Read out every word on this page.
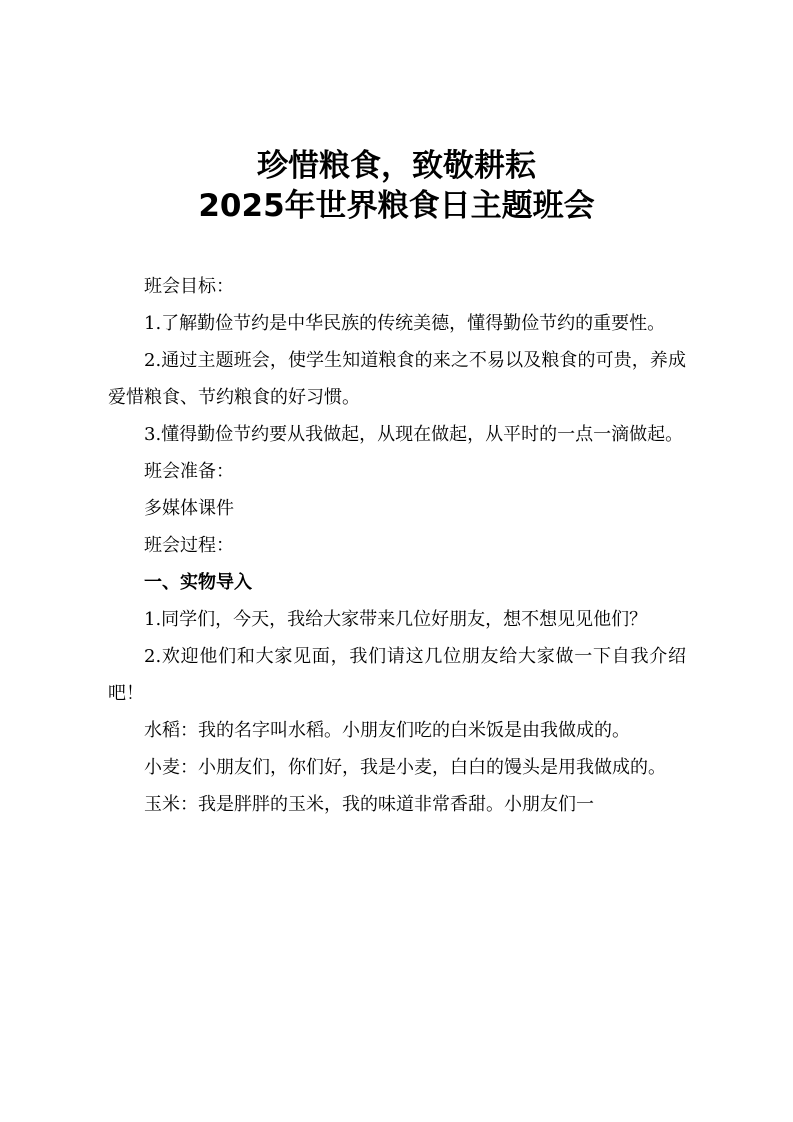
珍惜粮食，致敬耕耘
2025年世界粮食日主题班会

班会目标：

1.了解勤俭节约是中华民族的传统美德，懂得勤俭节约的重要性。

2.通过主题班会，使学生知道粮食的来之不易以及粮食的可贵，养成爱惜粮食、节约粮食的好习惯。

3.懂得勤俭节约要从我做起，从现在做起，从平时的一点一滴做起。

班会准备：

多媒体课件

班会过程：

一、实物导入

1.同学们，今天，我给大家带来几位好朋友，想不想见见他们？

2.欢迎他们和大家见面，我们请这几位朋友给大家做一下自我介绍吧！

水稻：我的名字叫水稻。小朋友们吃的白米饭是由我做成的。

小麦：小朋友们，你们好，我是小麦，白白的馒头是用我做成的。

玉米：我是胖胖的玉米，我的味道非常香甜。小朋友们一
